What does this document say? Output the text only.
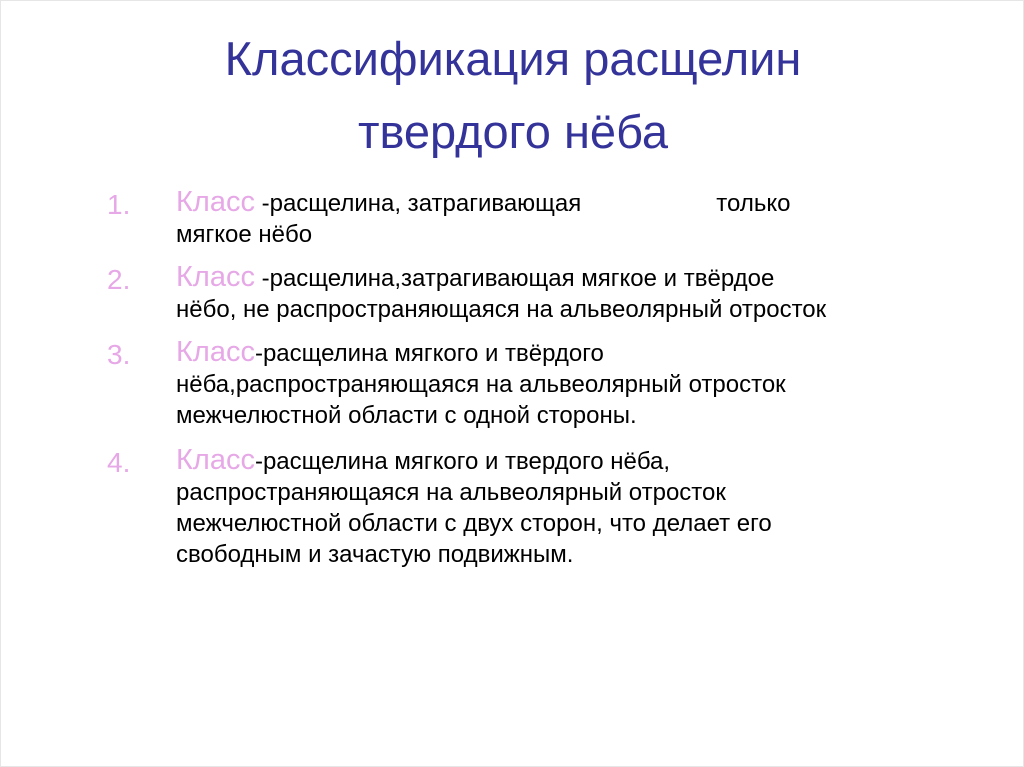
Классификация расщелин
твердого нёба
1.	Класс -расщелина, затрагивающая	только
мягкое нёбо
2.	Класс -расщелина,затрагивающая мягкое и твёрдое
нёбо, не распространяющаяся на альвеолярный отросток
3.	Класс-расщелина мягкого и твёрдого
нёба,распространяющаяся на альвеолярный отросток
межчелюстной области с одной стороны.
4.	Класс-расщелина мягкого и твердого нёба,
распространяющаяся на альвеолярный отросток
межчелюстной области с двух сторон, что делает его
свободным и зачастую подвижным.
